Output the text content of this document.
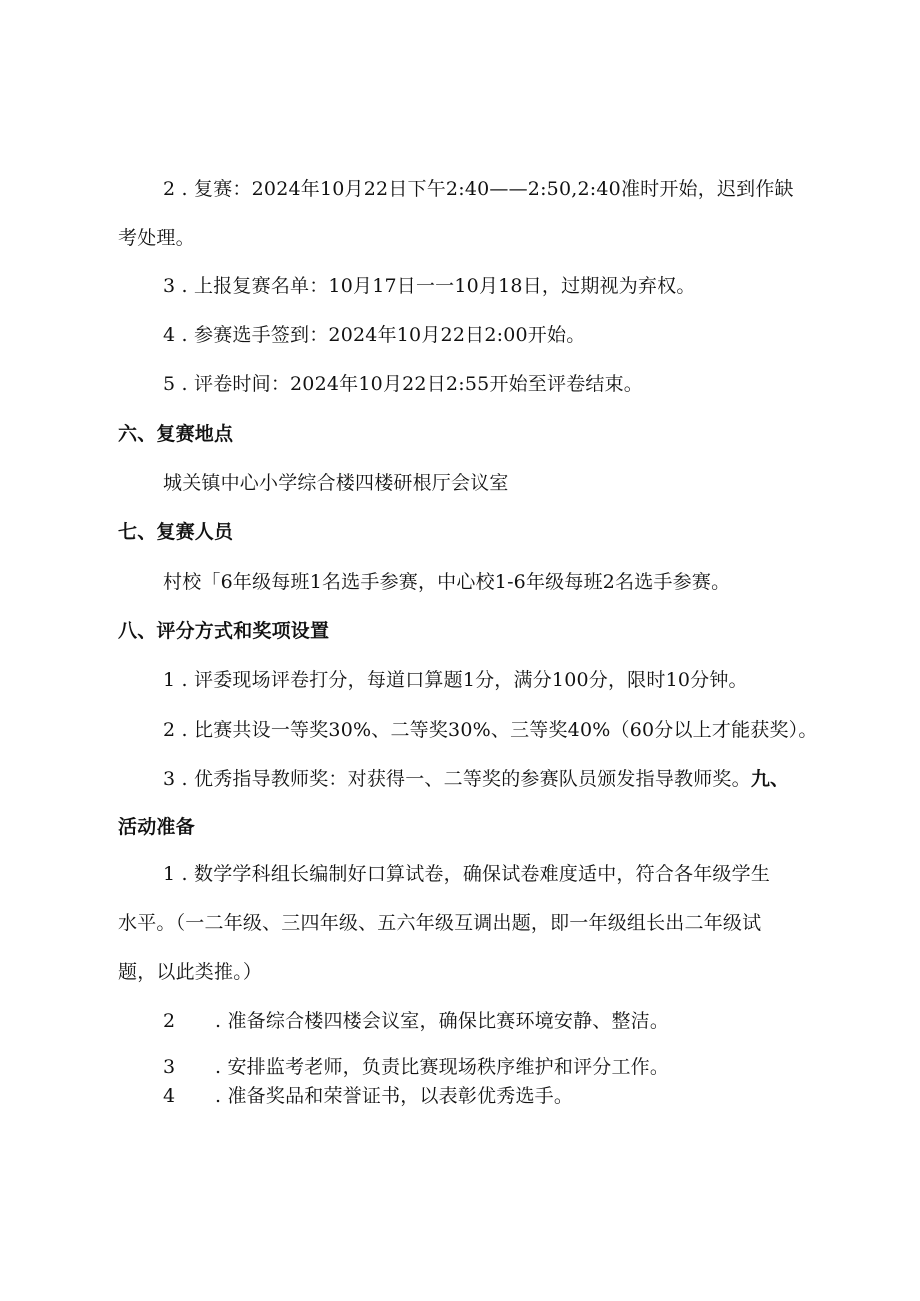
2 . 复赛：2024年10月22日下午2:40——2:50,2:40准时开始，迟到作缺
考处理。
3 . 上报复赛名单：10月17日一一10月18日，过期视为弃权。
4 . 参赛选手签到：2024年10月22日2:00开始。
5 . 评卷时间：2024年10月22日2:55开始至评卷结束。
六、复赛地点
城关镇中心小学综合楼四楼研根厅会议室
七、复赛人员
村校「6年级每班1名选手参赛，中心校1-6年级每班2名选手参赛。
八、评分方式和奖项设置
1 . 评委现场评卷打分，每道口算题1分，满分100分，限时10分钟。
2 . 比赛共设一等奖30%、二等奖30%、三等奖40%（60分以上才能获奖）。
3 . 优秀指导教师奖：对获得一、二等奖的参赛队员颁发指导教师奖。九、
活动准备
1 . 数学学科组长编制好口算试卷，确保试卷难度适中，符合各年级学生
水平。（一二年级、三四年级、五六年级互调出题，即一年级组长出二年级试
题，以此类推。）
2 . 准备综合楼四楼会议室，确保比赛环境安静、整洁。
3 . 安排监考老师，负责比赛现场秩序维护和评分工作。
4 . 准备奖品和荣誉证书，以表彰优秀选手。
